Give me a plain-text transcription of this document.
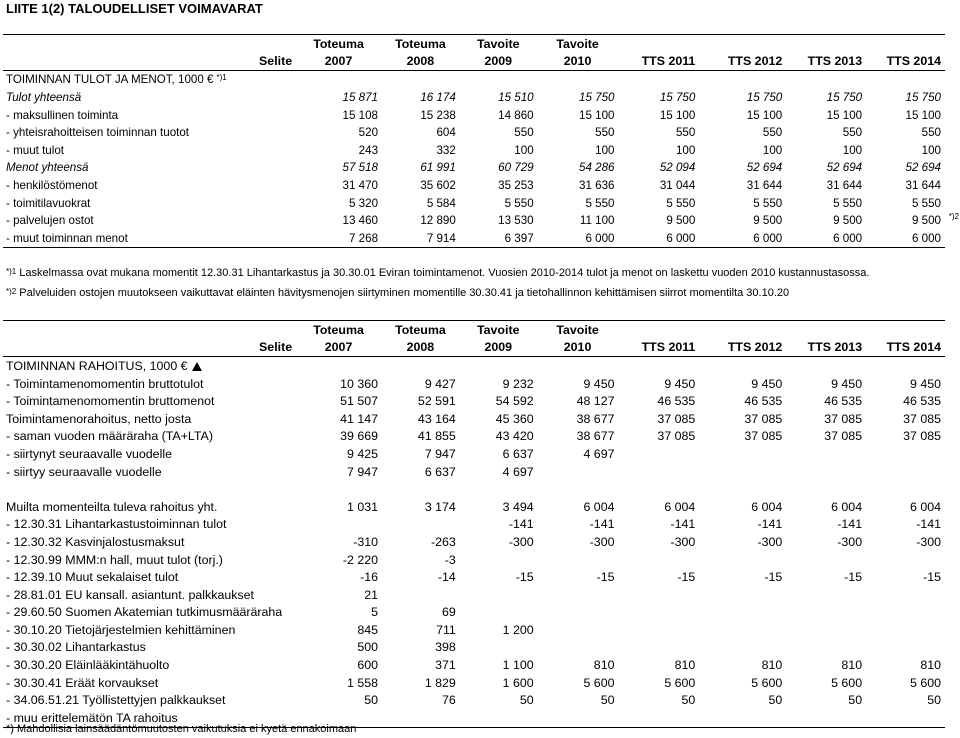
LIITE 1(2) TALOUDELLISET VOIMAVARAT
	Toteuma	Toteuma	Tavoite	Tavoite				
Selite	2007	2008	2009	2010	TTS 2011	TTS 2012	TTS 2013	TTS 2014
TOIMINNAN TULOT JA MENOT, 1000 € $^{*)1}$
Tulot yhteensä	15 871	16 174	15 510	15 750	15 750	15 750	15 750	15 750
- maksullinen toiminta	15 108	15 238	14 860	15 100	15 100	15 100	15 100	15 100
- yhteisrahoitteisen toiminnan tuotot	520	604	550	550	550	550	550	550
- muut tulot	243	332	100	100	100	100	100	100
Menot yhteensä	57 518	61 991	60 729	54 286	52 094	52 694	52 694	52 694
- henkilöstömenot	31 470	35 602	35 253	31 636	31 044	31 644	31 644	31 644
- toimitilavuokrat	5 320	5 584	5 550	5 550	5 550	5 550	5 550	5 550
- palvelujen ostot	13 460	12 890	13 530	11 100	9 500	9 500	9 500	9 500 *)2

- muut toiminnan menot	7 268	7 914	6 397	6 000	6 000	6 000	6 000	6 000
$^{*)1}$ Laskelmassa ovat mukana momentit 12.30.31 Lihantarkastus ja 30.30.01 Eviran toimintamenot. Vuosien 2010-2014 tulot ja menot on laskettu vuoden 2010 kustannustasossa.
$^{*)2}$ Palveluiden ostojen muutokseen vaikuttavat eläinten hävitysmenojen siirtyminen momentille 30.30.41 ja tietohallinnon kehittämisen siirrot momentilta 30.10.20
	Toteuma	Toteuma	Tavoite	Tavoite				
Selite	2007	2008	2009	2010	TTS 2011	TTS 2012	TTS 2013	TTS 2014
TOIMINNAN RAHOITUS, 1000 €								
- Toimintamenomomentin bruttotulot	10 360	9 427	9 232	9 450	9 450	9 450	9 450	9 450
- Toimintamenomomentin bruttomenot	51 507	52 591	54 592	48 127	46 535	46 535	46 535	46 535
Toimintamenorahoitus, netto josta	41 147	43 164	45 360	38 677	37 085	37 085	37 085	37 085
- saman vuoden määräraha (TA+LTA)	39 669	41 855	43 420	38 677	37 085	37 085	37 085	37 085
- siirtynyt seuraavalle vuodelle	9 425	7 947	6 637	4 697				
- siirtyy seuraavalle vuodelle	7 947	6 637	4 697					

Muilta momenteilta tuleva rahoitus yht.	1 031	3 174	3 494	6 004	6 004	6 004	6 004	6 004
- 12.30.31 Lihantarkastustoiminnan tulot			-141	-141	-141	-141	-141	-141
- 12.30.32 Kasvinjalostusmaksut	-310	-263	-300	-300	-300	-300	-300	-300
- 12.30.99 MMM:n hall, muut tulot (torj.)	-2 220	-3						
- 12.39.10 Muut sekalaiset tulot	-16	-14	-15	-15	-15	-15	-15	-15
- 28.81.01 EU kansall. asiantunt. palkkaukset	21							
- 29.60.50 Suomen Akatemian tutkimusmääräraha	5	69						
- 30.10.20 Tietojärjestelmien kehittäminen	845	711	1 200					
- 30.30.02 Lihantarkastus	500	398						
- 30.30.20 Eläinlääkintähuolto	600	371	1 100	810	810	810	810	810
- 30.30.41 Eräät korvaukset	1 558	1 829	1 600	5 600	5 600	5 600	5 600	5 600
- 34.06.51.21 Työllistettyjen palkkaukset	50	76	50	50	50	50	50	50
- muu erittelemätön TA rahoitus								
*) Mahdollisia lainsäädäntömuutosten vaikutuksia ei kyetä ennakoimaan
